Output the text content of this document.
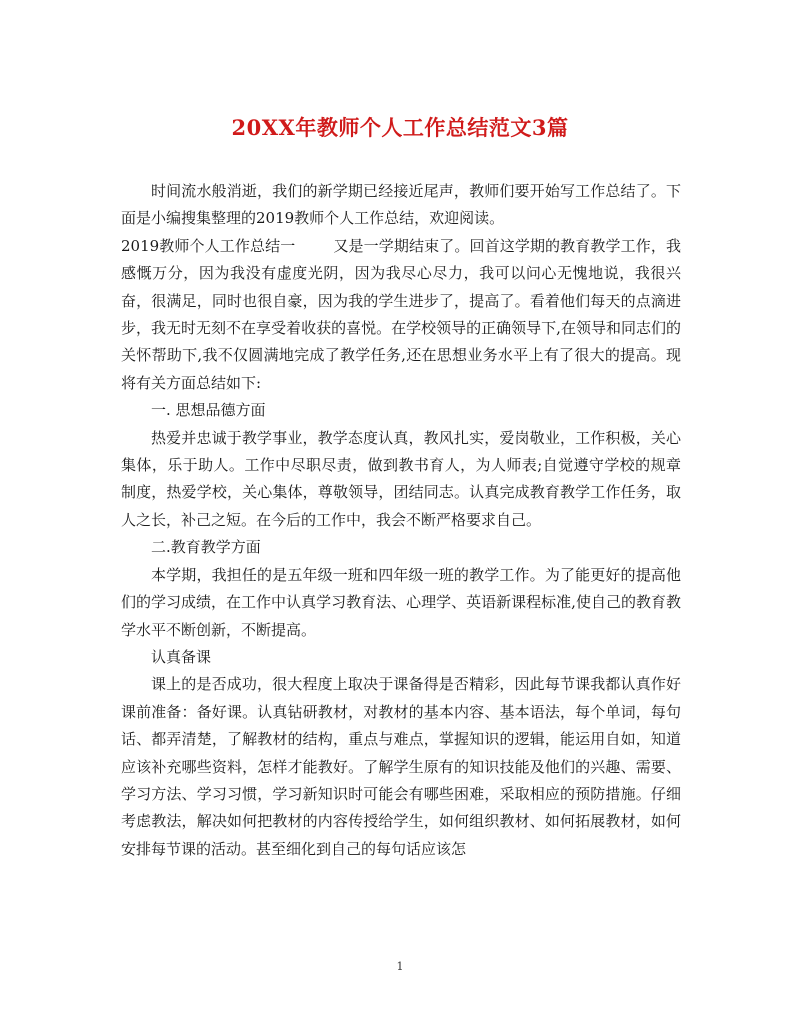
20XX年教师个人工作总结范文3篇

时间流水般消逝，我们的新学期已经接近尾声，教师们要开始写工作总结了。下面是小编搜集整理的2019教师个人工作总结，欢迎阅读。

2019教师个人工作总结一	又是一学期结束了。回首这学期的教育教学工作，我感慨万分，因为我没有虚度光阴，因为我尽心尽力，我可以问心无愧地说，我很兴奋，很满足，同时也很自豪，因为我的学生进步了，提高了。看着他们每天的点滴进步，我无时无刻不在享受着收获的喜悦。在学校领导的正确领导下,在领导和同志们的关怀帮助下,我不仅圆满地完成了教学任务,还在思想业务水平上有了很大的提高。现将有关方面总结如下:

一. 思想品德方面

热爱并忠诚于教学事业，教学态度认真，教风扎实，爱岗敬业，工作积极，关心集体，乐于助人。工作中尽职尽责，做到教书育人，为人师表;自觉遵守学校的规章制度，热爱学校，关心集体，尊敬领导，团结同志。认真完成教育教学工作任务，取人之长，补己之短。在今后的工作中，我会不断严格要求自己。

二.教育教学方面

本学期，我担任的是五年级一班和四年级一班的教学工作。为了能更好的提高他们的学习成绩，在工作中认真学习教育法、心理学、英语新课程标准,使自己的教育教学水平不断创新，不断提高。

认真备课

课上的是否成功，很大程度上取决于课备得是否精彩，因此每节课我都认真作好课前准备：备好课。认真钻研教材，对教材的基本内容、基本语法，每个单词，每句话、都弄清楚，了解教材的结构，重点与难点，掌握知识的逻辑，能运用自如，知道应该补充哪些资料，怎样才能教好。了解学生原有的知识技能及他们的兴趣、需要、学习方法、学习习惯，学习新知识时可能会有哪些困难，采取相应的预防措施。仔细考虑教法，解决如何把教材的内容传授给学生，如何组织教材、如何拓展教材，如何安排每节课的活动。甚至细化到自己的每句话应该怎

1
